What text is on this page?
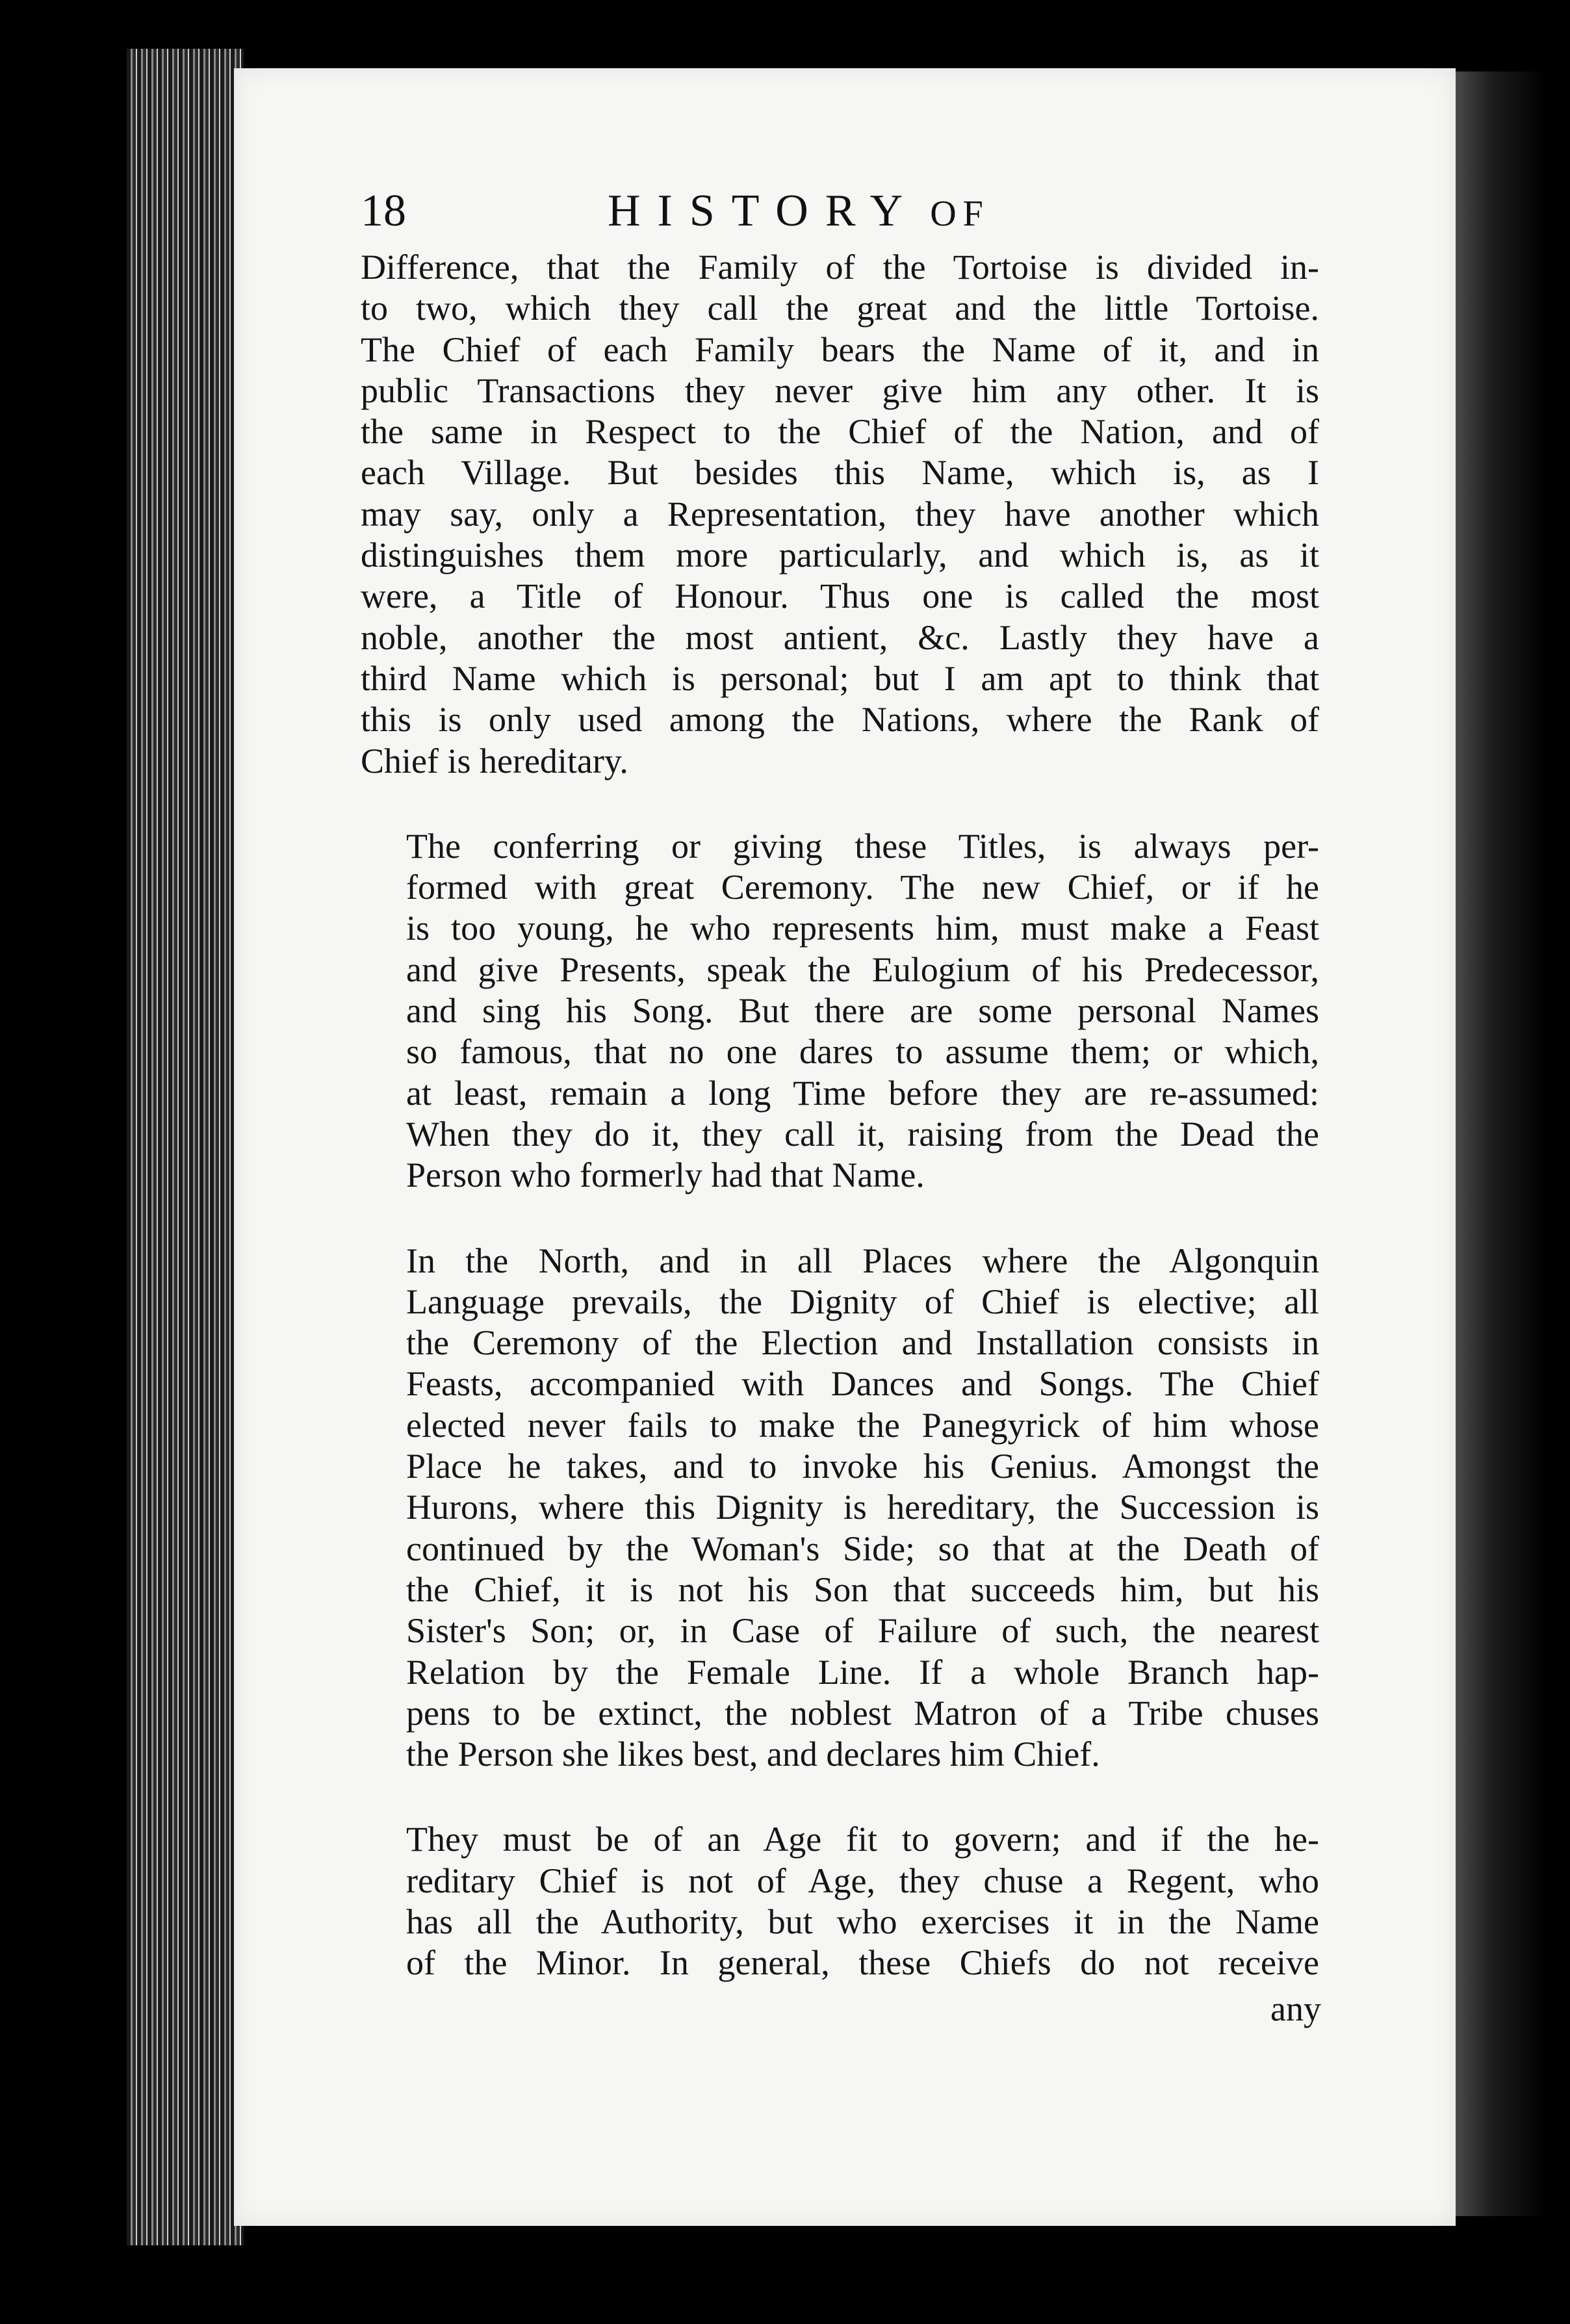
18	HISTORY OF

Difference, that the Family of the Tortoise is divided in-
to two, which they call the great and the little Tortoise.
The Chief of each Family bears the Name of it, and in
public Transactions they never give him any other. It is
the same in Respect to the Chief of the Nation, and of
each Village. But besides this Name, which is, as I
may say, only a Representation, they have another which
distinguishes them more particularly, and which is, as it
were, a Title of Honour. Thus one is called the most
noble, another the most antient, &c. Lastly they have a
third Name which is personal; but I am apt to think that
this is only used among the Nations, where the Rank of
Chief is hereditary.

The conferring or giving these Titles, is always per-
formed with great Ceremony. The new Chief, or if he
is too young, he who represents him, must make a Feast
and give Presents, speak the Eulogium of his Predecessor,
and sing his Song. But there are some personal Names
so famous, that no one dares to assume them; or which,
at least, remain a long Time before they are re-assumed:
When they do it, they call it, raising from the Dead the
Person who formerly had that Name.

In the North, and in all Places where the Algonquin
Language prevails, the Dignity of Chief is elective; all
the Ceremony of the Election and Installation consists in
Feasts, accompanied with Dances and Songs. The Chief
elected never fails to make the Panegyrick of him whose
Place he takes, and to invoke his Genius. Amongst the
Hurons, where this Dignity is hereditary, the Succession is
continued by the Woman's Side; so that at the Death of
the Chief, it is not his Son that succeeds him, but his
Sister's Son; or, in Case of Failure of such, the nearest
Relation by the Female Line. If a whole Branch hap-
pens to be extinct, the noblest Matron of a Tribe chuses
the Person she likes best, and declares him Chief.

They must be of an Age fit to govern; and if the he-
reditary Chief is not of Age, they chuse a Regent, who
has all the Authority, but who exercises it in the Name
of the Minor. In general, these Chiefs do not receive

any
